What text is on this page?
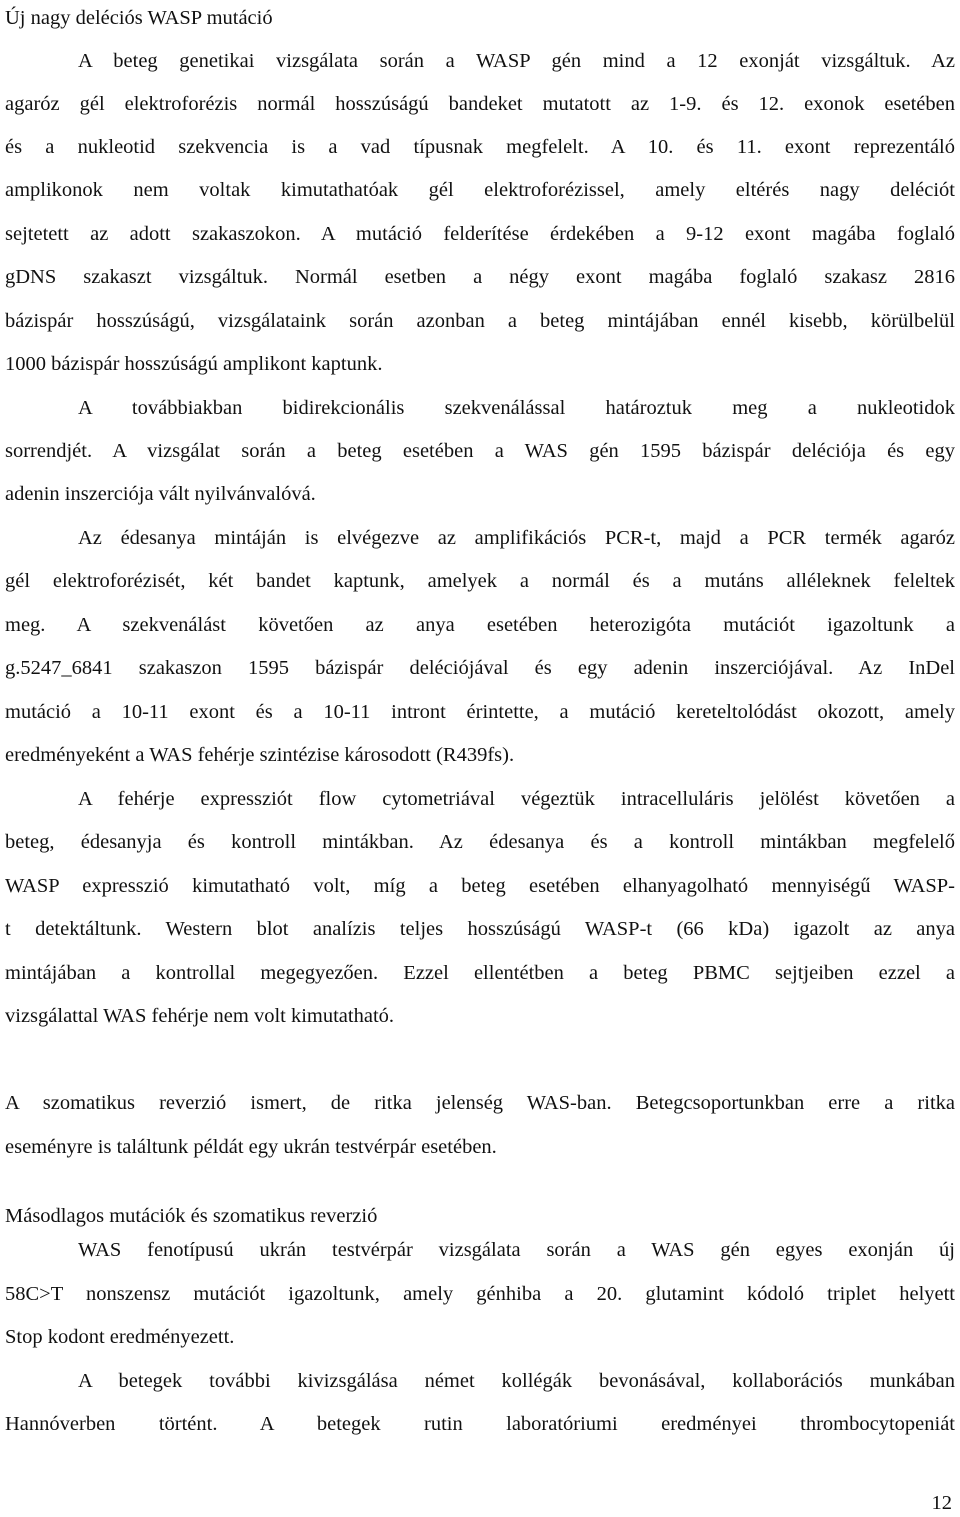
Új nagy deléciós WASP mutáció
A beteg genetikai vizsgálata során a WASP gén mind a 12 exonját vizsgáltuk. Az
agaróz gél elektroforézis normál hosszúságú bandeket mutatott az 1-9. és 12. exonok esetében
és a nukleotid szekvencia is a vad típusnak megfelelt. A 10. és 11. exont reprezentáló
amplikonok nem voltak kimutathatóak gél elektroforézissel, amely eltérés nagy deléciót
sejtetett az adott szakaszokon. A mutáció felderítése érdekében a 9-12 exont magába foglaló
gDNS szakaszt vizsgáltuk. Normál esetben a négy exont magába foglaló szakasz 2816
bázispár hosszúságú, vizsgálataink során azonban a beteg mintájában ennél kisebb, körülbelül
1000 bázispár hosszúságú amplikont kaptunk.
A továbbiakban bidirekcionális szekvenálással határoztuk meg a nukleotidok
sorrendjét. A vizsgálat során a beteg esetében a WAS gén 1595 bázispár deléciója és egy
adenin inszerciója vált nyilvánvalóvá.
Az édesanya mintáján is elvégezve az amplifikációs PCR-t, majd a PCR termék agaróz
gél elektroforézisét, két bandet kaptunk, amelyek a normál és a mutáns alléleknek feleltek
meg. A szekvenálást követően az anya esetében heterozigóta mutációt igazoltunk a
g.5247_6841 szakaszon 1595 bázispár deléciójával és egy adenin inszerciójával. Az InDel
mutáció a 10-11 exont és a 10-11 intront érintette, a mutáció kereteltolódást okozott, amely
eredményeként a WAS fehérje szintézise károsodott (R439fs).
A fehérje expressziót flow cytometriával végeztük intracelluláris jelölést követően a
beteg, édesanyja és kontroll mintákban. Az édesanya és a kontroll mintákban megfelelő
WASP expresszió kimutatható volt, míg a beteg esetében elhanyagolható mennyiségű WASP-
t detektáltunk. Western blot analízis teljes hosszúságú WASP-t (66 kDa) igazolt az anya
mintájában a kontrollal megegyezően. Ezzel ellentétben a beteg PBMC sejtjeiben ezzel a
vizsgálattal WAS fehérje nem volt kimutatható.
A szomatikus reverzió ismert, de ritka jelenség WAS-ban. Betegcsoportunkban erre a ritka
eseményre is találtunk példát egy ukrán testvérpár esetében.
Másodlagos mutációk és szomatikus reverzió
WAS fenotípusú ukrán testvérpár vizsgálata során a WAS gén egyes exonján új
58C>T nonszensz mutációt igazoltunk, amely génhiba a 20. glutamint kódoló triplet helyett
Stop kodont eredményezett.
A betegek további kivizsgálása német kollégák bevonásával, kollaborációs munkában
Hannóverben történt. A betegek rutin laboratóriumi eredményei thrombocytopeniát
12
